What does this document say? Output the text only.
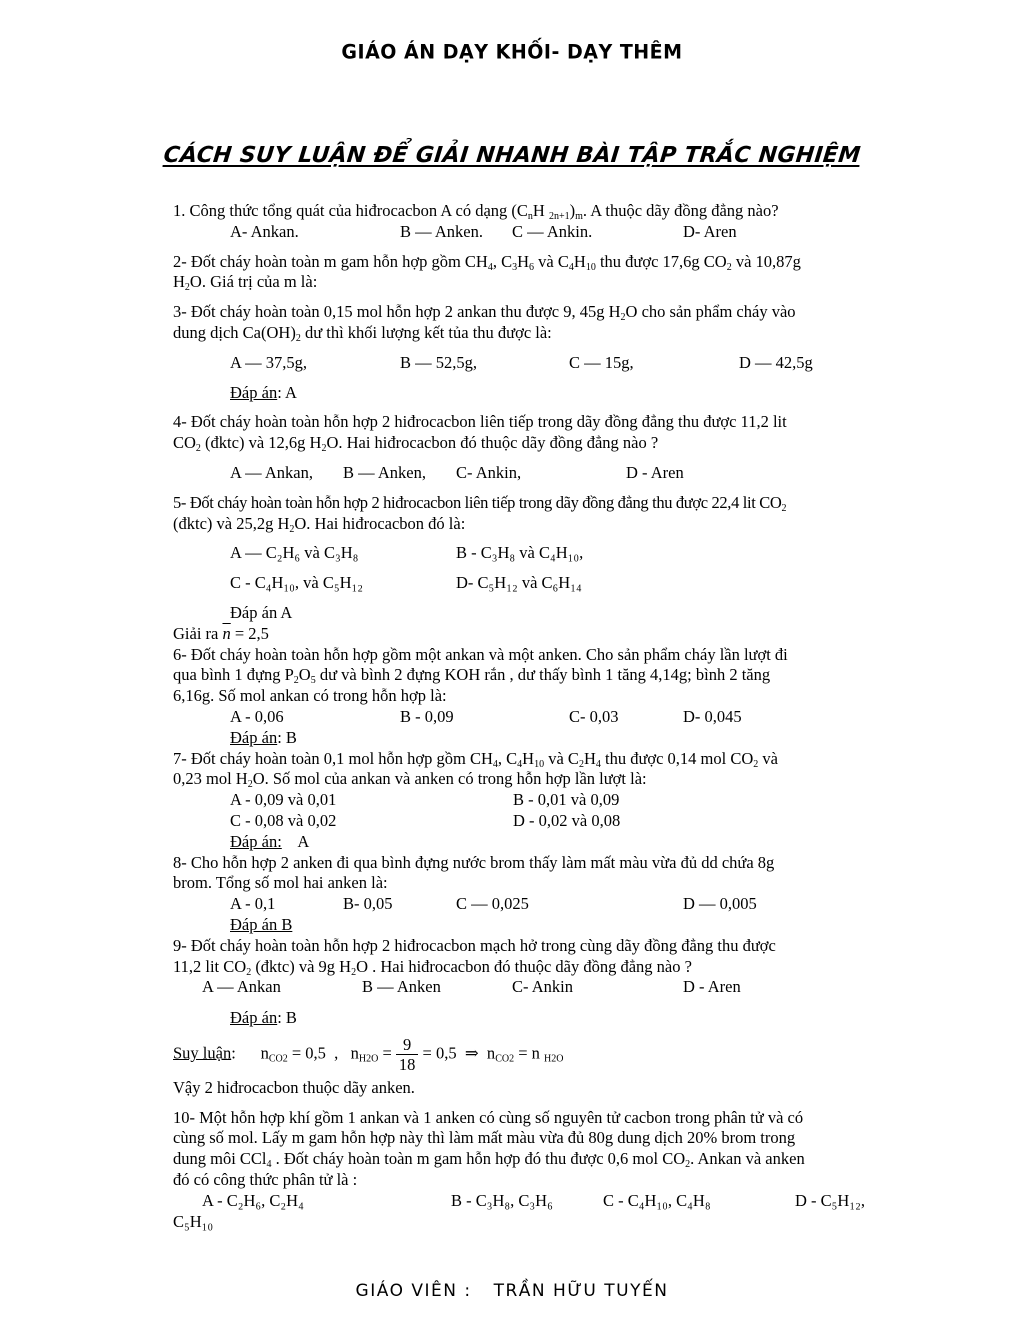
GIÁO ÁN DẠY KHỐI- DẠY THÊM
CÁCH SUY LUẬN ĐỂ GIẢI NHANH BÀI TẬP TRẮC NGHIỆM

1. Công thức tổng quát của hiđrocacbon A có dạng ($C_nH$ $_{2n+1})_m$. A thuộc dãy đồng đẳng nào?

A- Ankan.	B — Anken. C — Ankin.	D- Aren

2- Đốt cháy hoàn toàn m gam hỗn hợp gồm $CH_4$, $C_3H_6$ và $C_4H_{10}$ thu được 17,6g $CO_2$ và 10,87g

$H_2O$. Giá trị của m là:

3- Đốt cháy hoàn toàn 0,15 mol hỗn hợp 2 ankan thu được 9, 45g $H_2O$ cho sản phẩm cháy vào

dung dịch $Ca(OH)_2$ dư thì khối lượng kết tủa thu được là:

A — 37,5g,	B — 52,5g,	C — 15g,	D — 42,5g

Đáp án: A

4- Đốt cháy hoàn toàn hỗn hợp 2 hiđrocacbon liên tiếp trong dãy đồng đẳng thu được 11,2 lit

$CO_2$ (đktc) và 12,6g $H_2O$. Hai hiđrocacbon đó thuộc dãy đồng đẳng nào ?

A — Ankan, B — Anken, C- Ankin,	D - Aren

5- Đốt cháy hoàn toàn hỗn hợp 2 hiđrocacbon liên tiếp trong dãy đồng đẳng thu được 22,4 lit $CO_2$

(đktc) và 25,2g $H_2O$. Hai hiđrocacbon đó là:

A — C₂H₆ và C₃H₈	B - C₃H₈ và C₄H₁₀,
C - C₄H₁₀, và C₅H₁₂	D- C₅H₁₂ và C₆H₁₄

Đáp án A

Giải ra $\overline{n} = 2,5$

6- Đốt cháy hoàn toàn hỗn hợp gồm một ankan và một anken. Cho sản phẩm cháy lần lượt đi

qua bình 1 đựng $P_2O_5$ dư và bình 2 đựng KOH rắn , dư thấy bình 1 tăng 4,14g; bình 2 tăng

6,16g. Số mol ankan có trong hỗn hợp là:

A - 0,06	B - 0,09	C- 0,03	D- 0,045

Đáp án: B

7- Đốt cháy hoàn toàn 0,1 mol hỗn hợp gồm $CH_4$, $C_4H_{10}$ và $C_2H_4$ thu được 0,14 mol $CO_2$ và

0,23 mol $H_2O$. Số mol của ankan và anken có trong hỗn hợp lần lượt là:

A - 0,09 và 0,01	B - 0,01 và 0,09
C - 0,08 và 0,02	D - 0,02 và 0,08

Đáp án:    A

8- Cho hỗn hợp 2 anken đi qua bình đựng nước brom thấy làm mất màu vừa đủ dd chứa 8g

brom. Tổng số mol hai anken là:

A - 0,1	B- 0,05	C — 0,025	D — 0,005

Đáp án B

9- Đốt cháy hoàn toàn hỗn hợp 2 hiđrocacbon mạch hở trong cùng dãy đồng đẳng thu được

11,2 lit $CO_2$ (đktc) và 9g $H_2O$ . Hai hiđrocacbon đó thuộc dãy đồng đẳng nào ?

A — Ankan	B — Anken	C- Ankin	D - Aren

Đáp án: B

Suy luận:      $n_{CO2} = 0,5$  ,   $n_{H2O} = \frac{9}{18} = 0,5$  ⇒  $n_{CO2} = n$ $_{H2O}$

Vậy 2 hiđrocacbon thuộc dãy anken.

10- Một hỗn hợp khí gồm 1 ankan và 1 anken có cùng số nguyên tử cacbon trong phân tử và có

cùng số mol. Lấy m gam hỗn hợp này thì làm mất màu vừa đủ 80g dung dịch 20% brom trong

dung môi CCl$_4$ . Đốt cháy hoàn toàn m gam hỗn hợp đó thu được 0,6 mol $CO_2$. Ankan và anken

đó có công thức phân tử là :

A - C₂H₆, C₂H₄	B - C₃H₈, C₃H₆	C - C₄H₁₀, C₄H₈	D - C₅H₁₂,

C₅H₁₀

GIÁO VIÊN : TRẦN HỮU TUYẾN
